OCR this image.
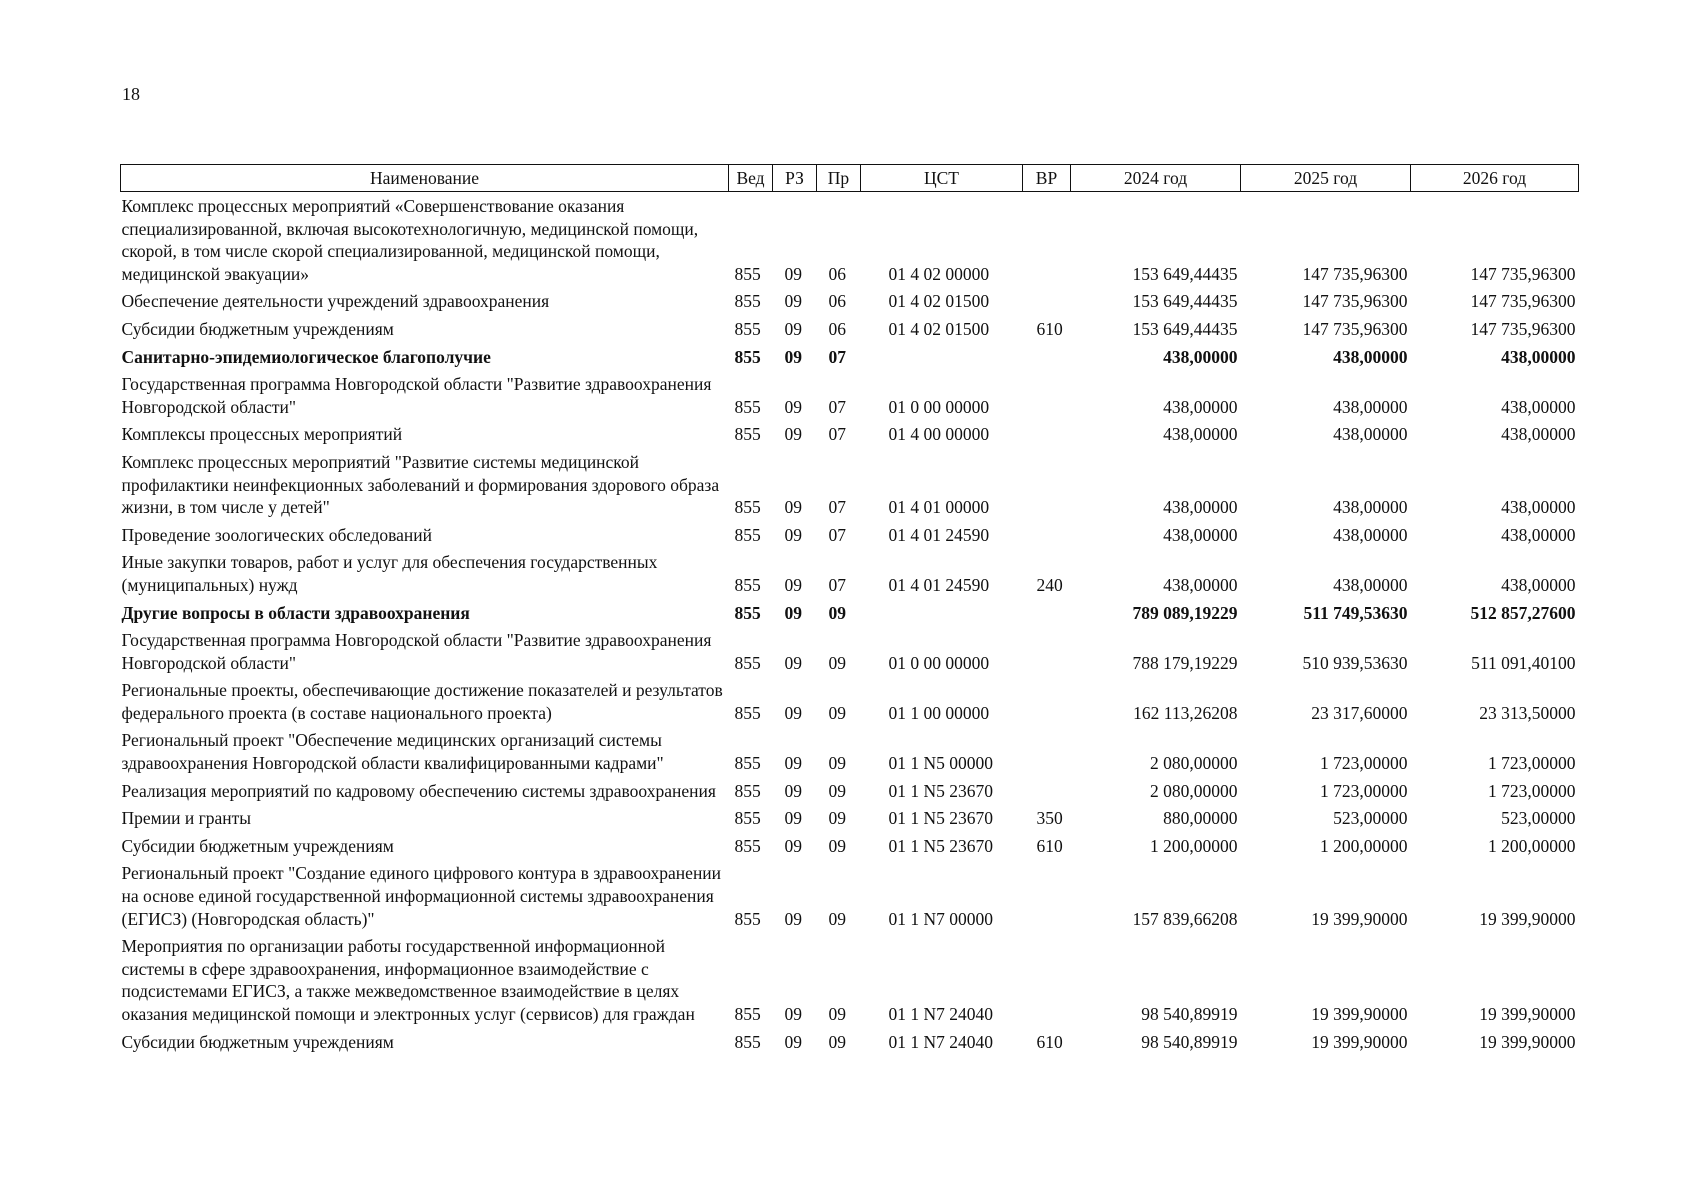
18
Наименование	Вед	РЗ	Пр	ЦСТ	ВР	2024 год	2025 год	2026 год
Комплекс процессных мероприятий «Совершенствование оказания специализированной, включая высокотехнологичную, медицинской помощи, скорой, в том числе скорой специализированной, медицинской помощи, медицинской эвакуации»	855	09	06	01 4 02 00000		153 649,44435	147 735,96300	147 735,96300
Обеспечение деятельности учреждений здравоохранения	855	09	06	01 4 02 01500		153 649,44435	147 735,96300	147 735,96300
Субсидии бюджетным учреждениям	855	09	06	01 4 02 01500	610	153 649,44435	147 735,96300	147 735,96300
Санитарно-эпидемиологическое благополучие	855	09	07			438,00000	438,00000	438,00000
Государственная программа Новгородской области "Развитие здравоохранения Новгородской области"	855	09	07	01 0 00 00000		438,00000	438,00000	438,00000
Комплексы процессных мероприятий	855	09	07	01 4 00 00000		438,00000	438,00000	438,00000
Комплекс процессных мероприятий "Развитие системы медицинской профилактики неинфекционных заболеваний и формирования здорового образа жизни, в том числе у детей"	855	09	07	01 4 01 00000		438,00000	438,00000	438,00000
Проведение зоологических обследований	855	09	07	01 4 01 24590		438,00000	438,00000	438,00000
Иные закупки товаров, работ и услуг для обеспечения государственных (муниципальных) нужд	855	09	07	01 4 01 24590	240	438,00000	438,00000	438,00000
Другие вопросы в области здравоохранения	855	09	09			789 089,19229	511 749,53630	512 857,27600
Государственная программа Новгородской области "Развитие здравоохранения Новгородской области"	855	09	09	01 0 00 00000		788 179,19229	510 939,53630	511 091,40100
Региональные проекты, обеспечивающие достижение показателей и результатов федерального проекта (в составе национального проекта)	855	09	09	01 1 00 00000		162 113,26208	23 317,60000	23 313,50000
Региональный проект "Обеспечение медицинских организаций системы здравоохранения Новгородской области квалифицированными кадрами"	855	09	09	01 1 N5 00000		2 080,00000	1 723,00000	1 723,00000
Реализация мероприятий по кадровому обеспечению системы здравоохранения	855	09	09	01 1 N5 23670		2 080,00000	1 723,00000	1 723,00000
Премии и гранты	855	09	09	01 1 N5 23670	350	880,00000	523,00000	523,00000
Субсидии бюджетным учреждениям	855	09	09	01 1 N5 23670	610	1 200,00000	1 200,00000	1 200,00000
Региональный проект "Создание единого цифрового контура в здравоохранении на основе единой государственной информационной системы здравоохранения (ЕГИСЗ) (Новгородская область)"	855	09	09	01 1 N7 00000		157 839,66208	19 399,90000	19 399,90000
Мероприятия по организации работы государственной информационной системы в сфере здравоохранения, информационное взаимодействие с подсистемами ЕГИСЗ, а также межведомственное взаимодействие в целях оказания медицинской помощи и электронных услуг (сервисов) для граждан	855	09	09	01 1 N7 24040		98 540,89919	19 399,90000	19 399,90000
Субсидии бюджетным учреждениям	855	09	09	01 1 N7 24040	610	98 540,89919	19 399,90000	19 399,90000
